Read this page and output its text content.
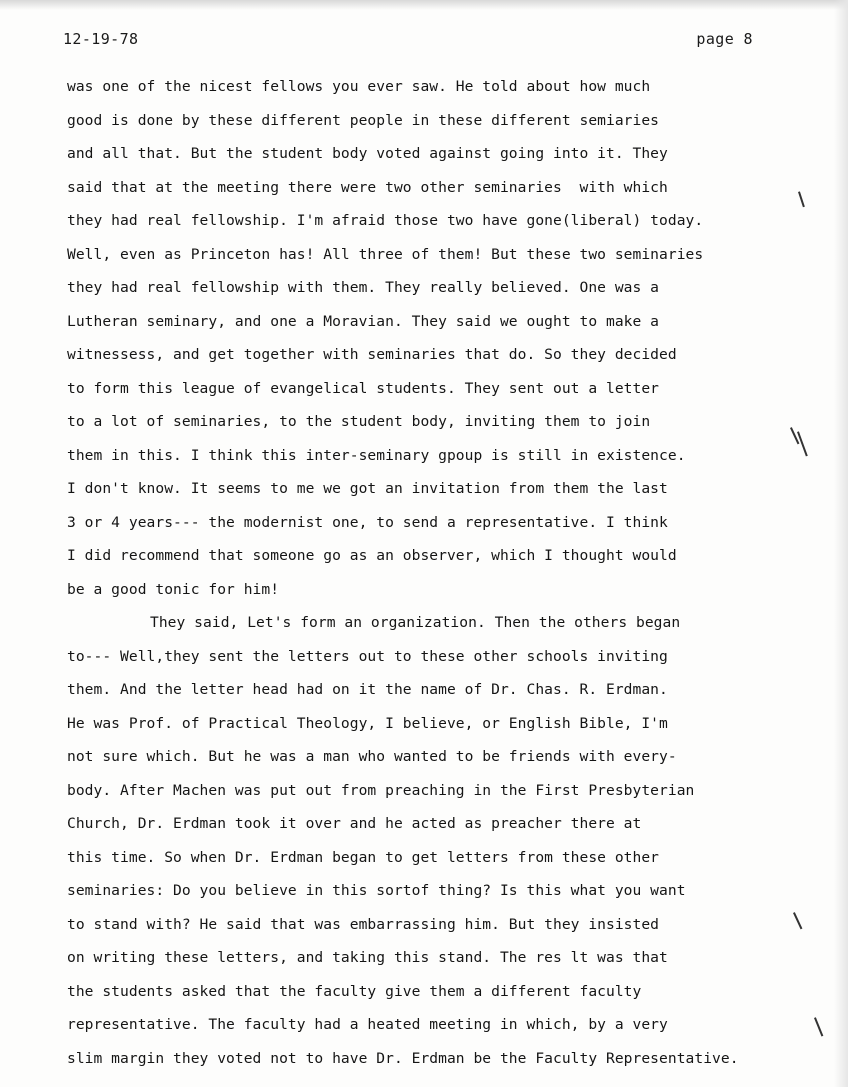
12-19-78	page 8
was one of the nicest fellows you ever saw. He told about how much
good is done by these different people in these different semiaries
and all that. But the student body voted against going into it. They
said that at the meeting there were two other seminaries  with which
they had real fellowship. I'm afraid those two have gone(liberal) today.
Well, even as Princeton has! All three of them! But these two seminaries
they had real fellowship with them. They really believed. One was a
Lutheran seminary, and one a Moravian. They said we ought to make a
witnessess, and get together with seminaries that do. So they decided
to form this league of evangelical students. They sent out a letter
to a lot of seminaries, to the student body, inviting them to join
them in this. I think this inter-seminary gpoup is still in existence.
I don't know. It seems to me we got an invitation from them the last
3 or 4 years--- the modernist one, to send a representative. I think
I did recommend that someone go as an observer, which I thought would
be a good tonic for him!
They said, Let's form an organization. Then the others began
to--- Well,they sent the letters out to these other schools inviting
them. And the letter head had on it the name of Dr. Chas. R. Erdman.
He was Prof. of Practical Theology, I believe, or English Bible, I'm
not sure which. But he was a man who wanted to be friends with every-
body. After Machen was put out from preaching in the First Presbyterian
Church, Dr. Erdman took it over and he acted as preacher there at
this time. So when Dr. Erdman began to get letters from these other
seminaries: Do you believe in this sortof thing? Is this what you want
to stand with? He said that was embarrassing him. But they insisted
on writing these letters, and taking this stand. The res lt was that
the students asked that the faculty give them a different faculty
representative. The faculty had a heated meeting in which, by a very
slim margin they voted not to have Dr. Erdman be the Faculty Representative.
